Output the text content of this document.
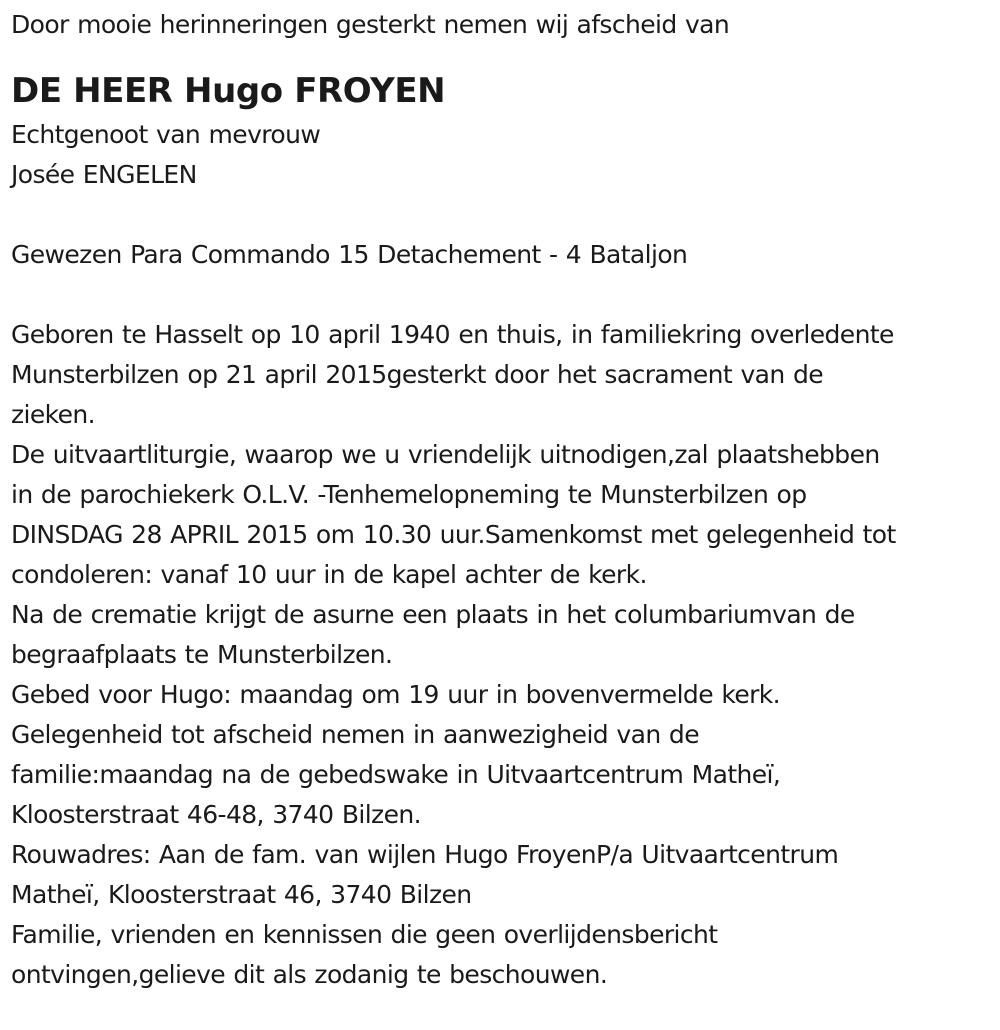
Door mooie herinneringen gesterkt nemen wij afscheid van
DE HEER Hugo FROYEN
Echtgenoot van mevrouw
Josée ENGELEN
Gewezen Para Commando 15 Detachement - 4 Bataljon
Geboren te Hasselt op 10 april 1940 en thuis, in familiekring overledente
Munsterbilzen op 21 april 2015gesterkt door het sacrament van de
zieken.
De uitvaartliturgie, waarop we u vriendelijk uitnodigen,zal plaatshebben
in de parochiekerk O.L.V. -Tenhemelopneming te Munsterbilzen op
DINSDAG 28 APRIL 2015 om 10.30 uur.Samenkomst met gelegenheid tot
condoleren: vanaf 10 uur in de kapel achter de kerk.
Na de crematie krijgt de asurne een plaats in het columbariumvan de
begraafplaats te Munsterbilzen.
Gebed voor Hugo: maandag om 19 uur in bovenvermelde kerk.
Gelegenheid tot afscheid nemen in aanwezigheid van de
familie:maandag na de gebedswake in Uitvaartcentrum Matheï,
Kloosterstraat 46-48, 3740 Bilzen.
Rouwadres: Aan de fam. van wijlen Hugo FroyenP/a Uitvaartcentrum
Matheï, Kloosterstraat 46, 3740 Bilzen
Familie, vrienden en kennissen die geen overlijdensbericht
ontvingen,gelieve dit als zodanig te beschouwen.
